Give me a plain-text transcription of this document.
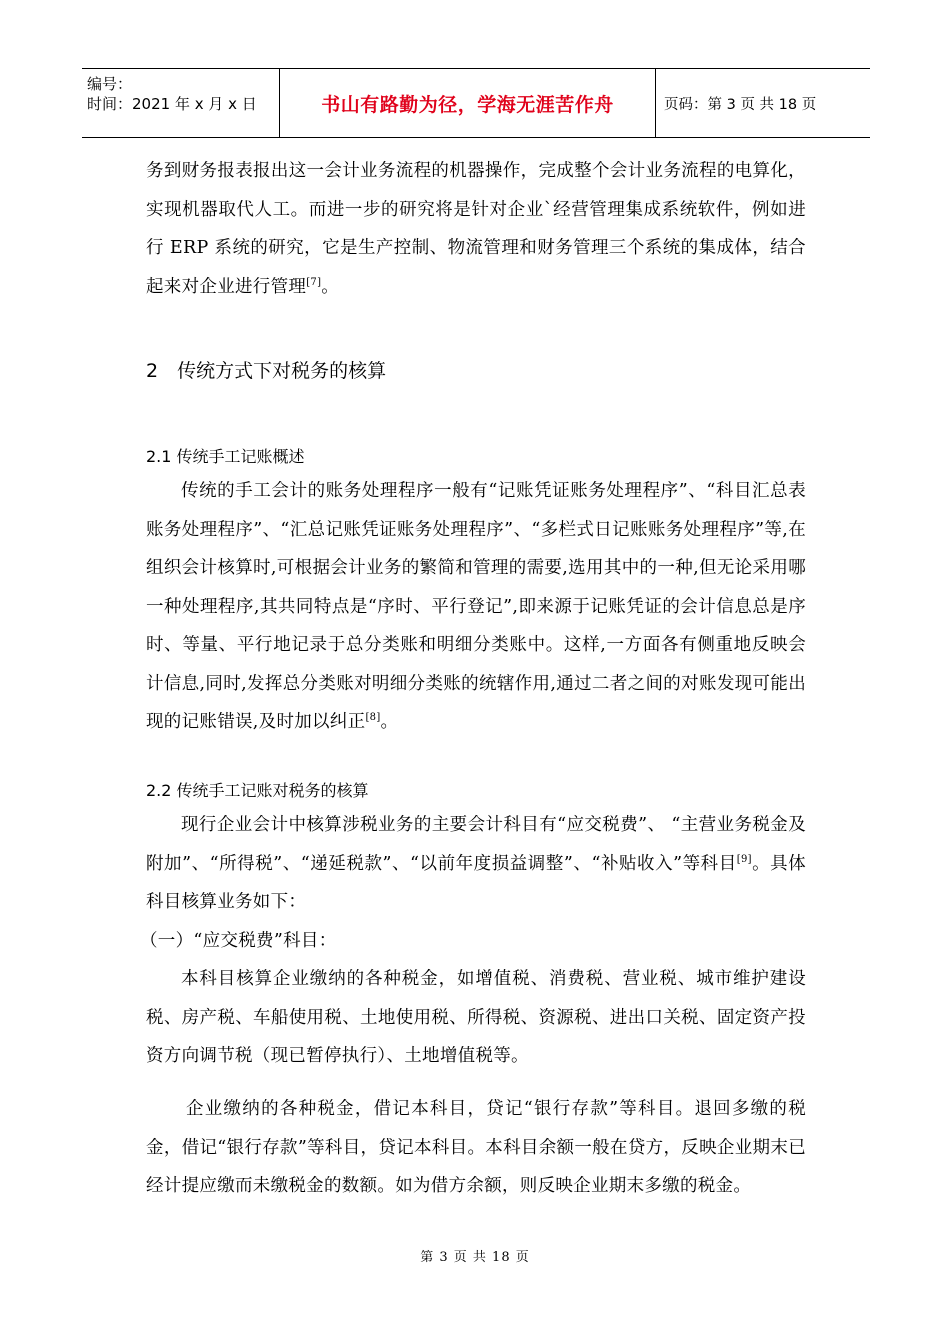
编号：
时间：2021 年 x 月 x 日	书山有路勤为径，学海无涯苦作舟	页码：第 3 页 共 18 页
务到财务报表报出这一会计业务流程的机器操作，完成整个会计业务流程的电算化，实现机器取代人工。而进一步的研究将是针对企业`经营管理集成系统软件，例如进行 ERP 系统的研究，它是生产控制、物流管理和财务管理三个系统的集成体，结合起来对企业进行管理[7]。
2　传统方式下对税务的核算
2.1 传统手工记账概述
传统的手工会计的账务处理程序一般有“记账凭证账务处理程序”、“科目汇总表账务处理程序”、“汇总记账凭证账务处理程序”、“多栏式日记账账务处理程序”等,在组织会计核算时,可根据会计业务的繁简和管理的需要,选用其中的一种,但无论采用哪一种处理程序,其共同特点是“序时、平行登记”,即来源于记账凭证的会计信息总是序时、等量、平行地记录于总分类账和明细分类账中。这样,一方面各有侧重地反映会计信息,同时,发挥总分类账对明细分类账的统辖作用,通过二者之间的对账发现可能出现的记账错误,及时加以纠正[8]。
2.2 传统手工记账对税务的核算
现行企业会计中核算涉税业务的主要会计科目有“应交税费”、 “主营业务税金及附加”、“所得税”、“递延税款”、“以前年度损益调整”、“补贴收入”等科目[9]。具体科目核算业务如下：
（一）“应交税费”科目：
本科目核算企业缴纳的各种税金，如增值税、消费税、营业税、城市维护建设税、房产税、车船使用税、土地使用税、所得税、资源税、进出口关税、固定资产投资方向调节税（现已暂停执行）、土地增值税等。
企业缴纳的各种税金，借记本科目，贷记“银行存款”等科目。退回多缴的税金，借记“银行存款”等科目，贷记本科目。本科目余额一般在贷方，反映企业期末已经计提应缴而未缴税金的数额。如为借方余额，则反映企业期末多缴的税金。
第 3 页 共 18 页
